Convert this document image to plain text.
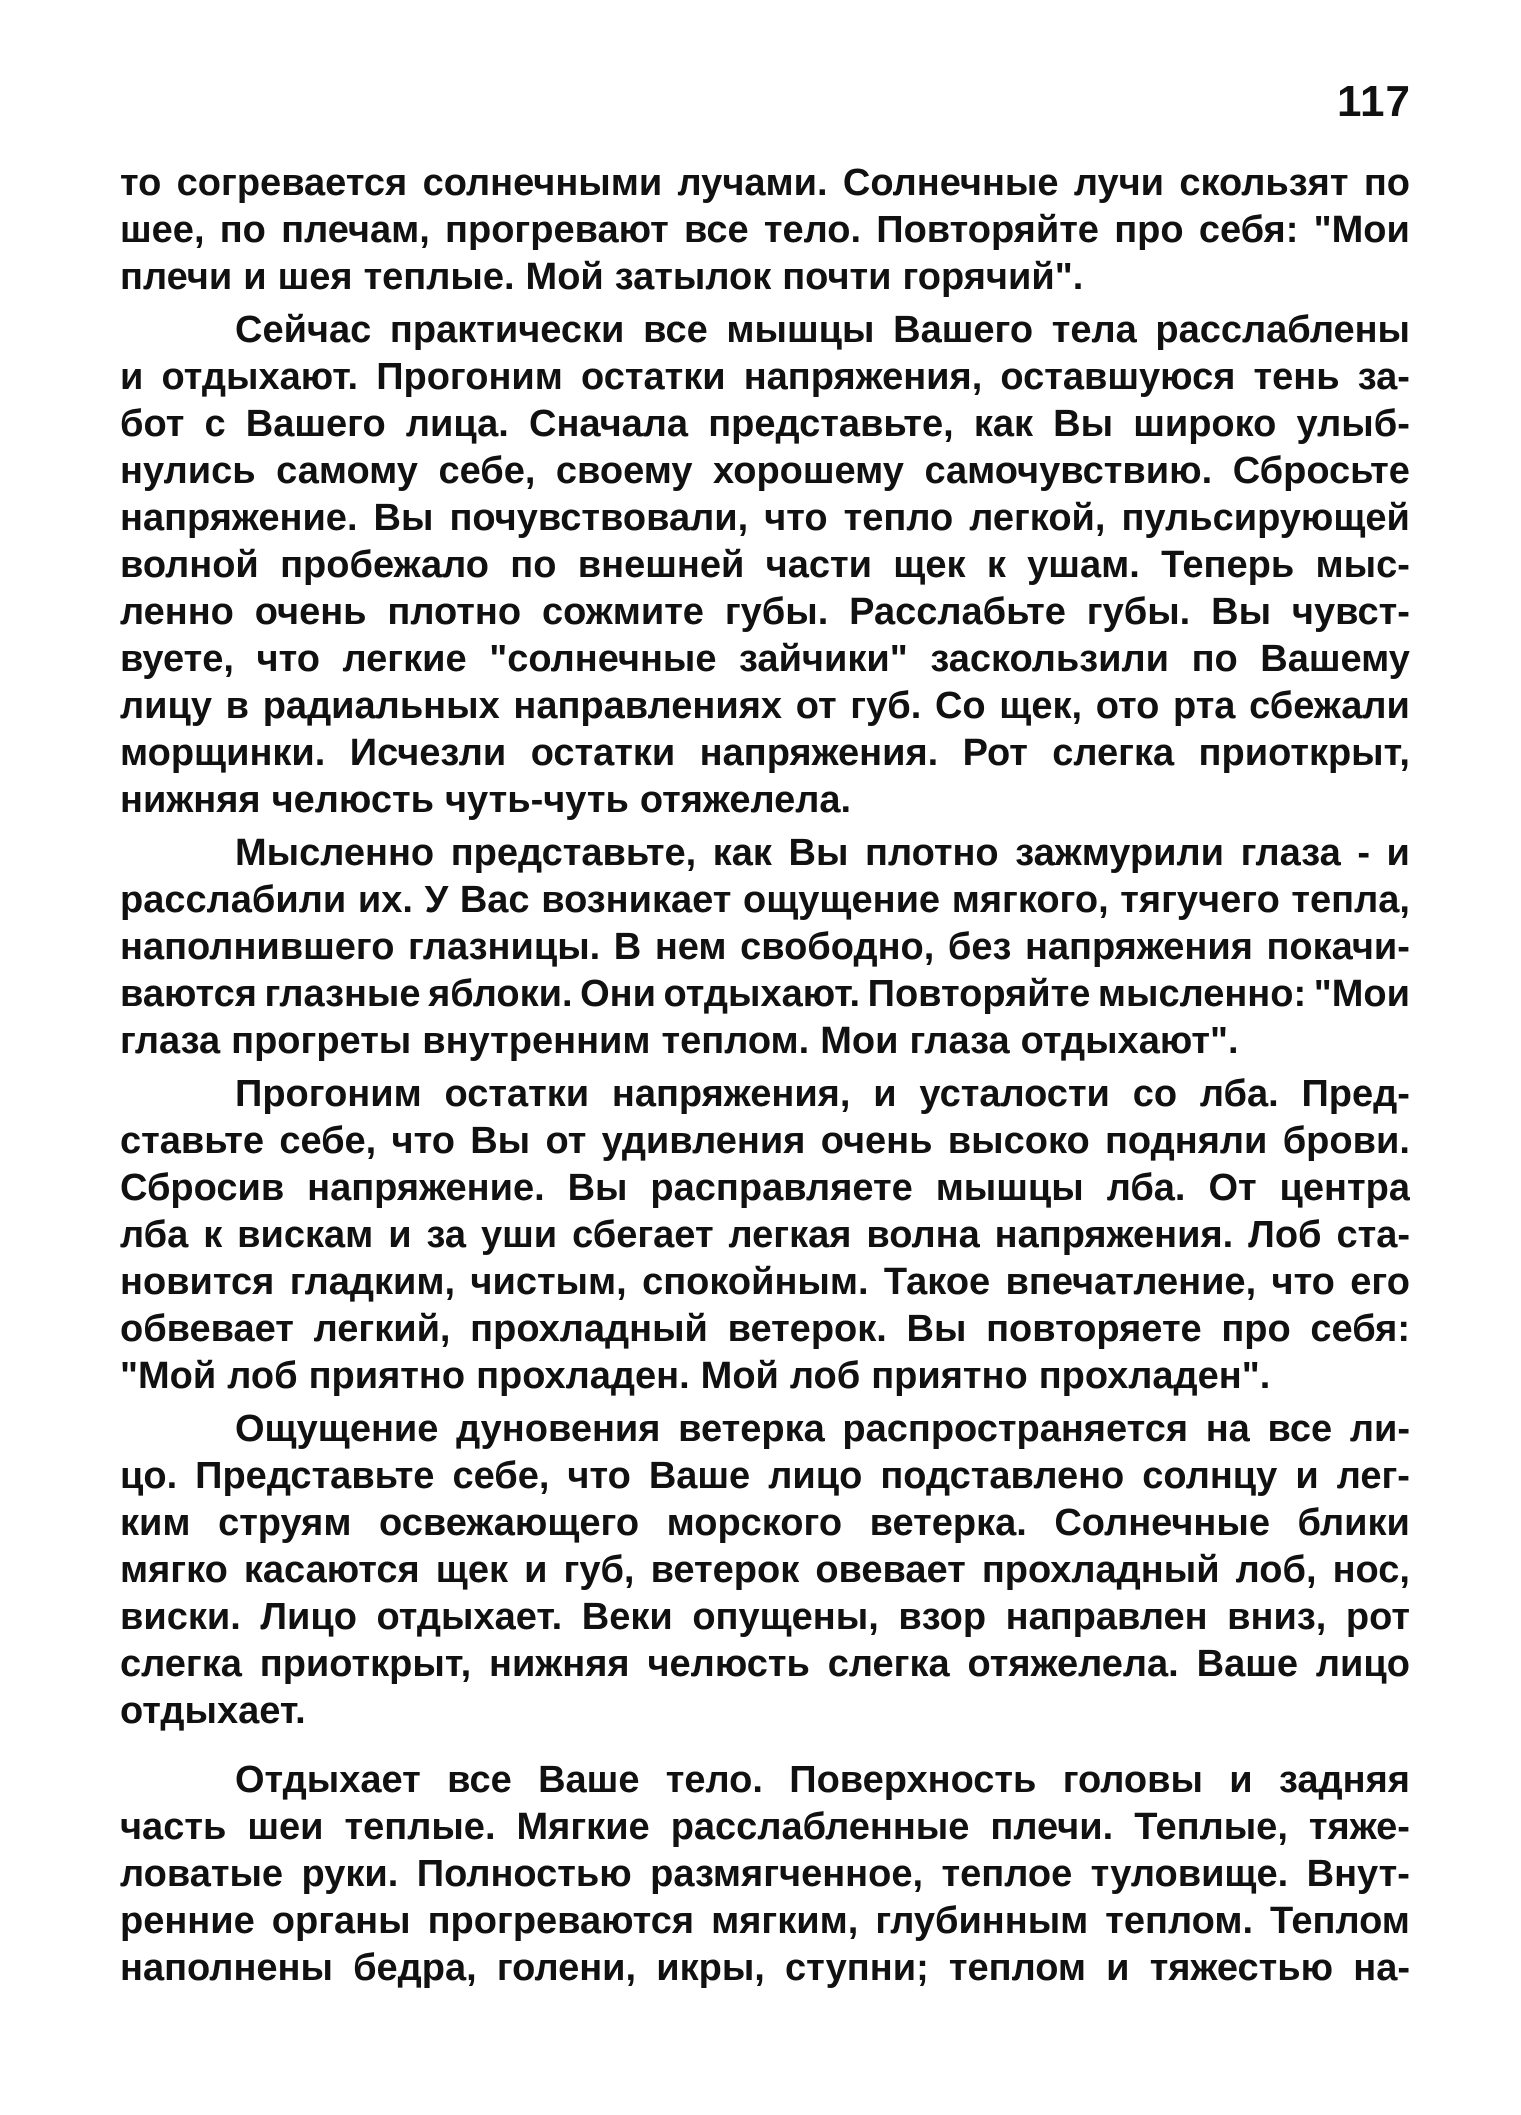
117
то согревается солнечными лучами. Солнечные лучи скользят по
шее, по плечам, прогревают все тело. Повторяйте про себя: "Мои
плечи и шея теплые. Мой затылок почти горячий".
Сейчас практически все мышцы Вашего тела расслаблены
и отдыхают. Прогоним остатки напряжения, оставшуюся тень за-
бот с Вашего лица. Сначала представьте, как Вы широко улыб-
нулись самому себе, своему хорошему самочувствию. Сбросьте
напряжение. Вы почувствовали, что тепло легкой, пульсирующей
волной пробежало по внешней части щек к ушам. Теперь мыс-
ленно очень плотно сожмите губы. Расслабьте губы. Вы чувст-
вуете, что легкие "солнечные зайчики" заскользили по Вашему
лицу в радиальных направлениях от губ. Со щек, ото рта сбежали
морщинки. Исчезли остатки напряжения. Рот слегка приоткрыт,
нижняя челюсть чуть-чуть отяжелела.
Мысленно представьте, как Вы плотно зажмурили глаза - и
расслабили их. У Вас возникает ощущение мягкого, тягучего тепла,
наполнившего глазницы. В нем свободно, без напряжения покачи-
ваются глазные яблоки. Они отдыхают. Повторяйте мысленно: "Мои
глаза прогреты внутренним теплом. Мои глаза отдыхают".
Прогоним остатки напряжения, и усталости со лба. Пред-
ставьте себе, что Вы от удивления очень высоко подняли брови.
Сбросив напряжение. Вы расправляете мышцы лба. От центра
лба к вискам и за уши сбегает легкая волна напряжения. Лоб ста-
новится гладким, чистым, спокойным. Такое впечатление, что его
обвевает легкий, прохладный ветерок. Вы повторяете про себя:
"Мой лоб приятно прохладен. Мой лоб приятно прохладен".
Ощущение дуновения ветерка распространяется на все ли-
цо. Представьте себе, что Ваше лицо подставлено солнцу и лег-
ким струям освежающего морского ветерка. Солнечные блики
мягко касаются щек и губ, ветерок овевает прохладный лоб, нос,
виски. Лицо отдыхает. Веки опущены, взор направлен вниз, рот
слегка приоткрыт, нижняя челюсть слегка отяжелела. Ваше лицо
отдыхает.
Отдыхает все Ваше тело. Поверхность головы и задняя
часть шеи теплые. Мягкие расслабленные плечи. Теплые, тяже-
ловатые руки. Полностью размягченное, теплое туловище. Внут-
ренние органы прогреваются мягким, глубинным теплом. Теплом
наполнены бедра, голени, икры, ступни; теплом и тяжестью на-
